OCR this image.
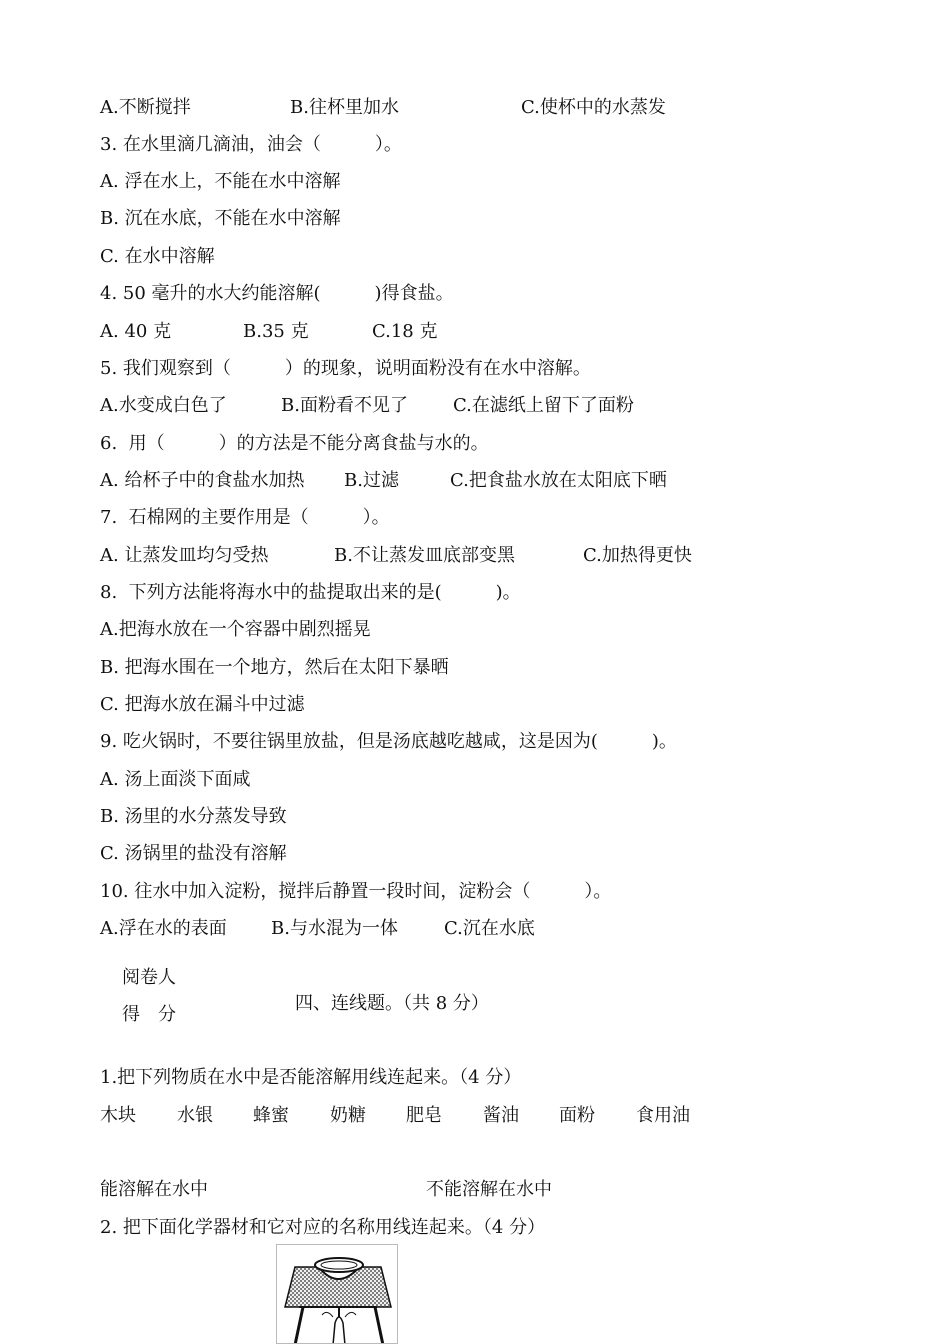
A.不断搅拌	B.往杯里加水	C.使杯中的水蒸发
3. 在水里滴几滴油，油会（　　　）。
A. 浮在水上，不能在水中溶解
B. 沉在水底，不能在水中溶解
C. 在水中溶解
4. 50 毫升的水大约能溶解(　　　)得食盐。
A. 40 克	B.35 克	C.18 克
5. 我们观察到（　　　）的现象，说明面粉没有在水中溶解。
A.水变成白色了	B.面粉看不见了	C.在滤纸上留下了面粉
6.  用（　　　）的方法是不能分离食盐与水的。
A. 给杯子中的食盐水加热 B.过滤	C.把食盐水放在太阳底下晒
7.  石棉网的主要作用是（　　　）。
A. 让蒸发皿均匀受热	B.不让蒸发皿底部变黑	C.加热得更快
8.  下列方法能将海水中的盐提取出来的是(　　　)。
A.把海水放在一个容器中剧烈摇晃
B. 把海水围在一个地方，然后在太阳下暴晒
C. 把海水放在漏斗中过滤
9. 吃火锅时，不要往锅里放盐，但是汤底越吃越咸，这是因为(　　　)。
A. 汤上面淡下面咸
B. 汤里的水分蒸发导致
C. 汤锅里的盐没有溶解
10. 往水中加入淀粉，搅拌后静置一段时间，淀粉会（　　　）。
A.浮在水的表面 B.与水混为一体	C.沉在水底
阅卷人
得　分
四、连线题。（共 8 分）
1.把下列物质在水中是否能溶解用线连起来。（4 分）
木块 水银 蜂蜜 奶糖 肥皂 酱油 面粉 食用油
能溶解在水中	不能溶解在水中
2. 把下面化学器材和它对应的名称用线连起来。（4 分）
